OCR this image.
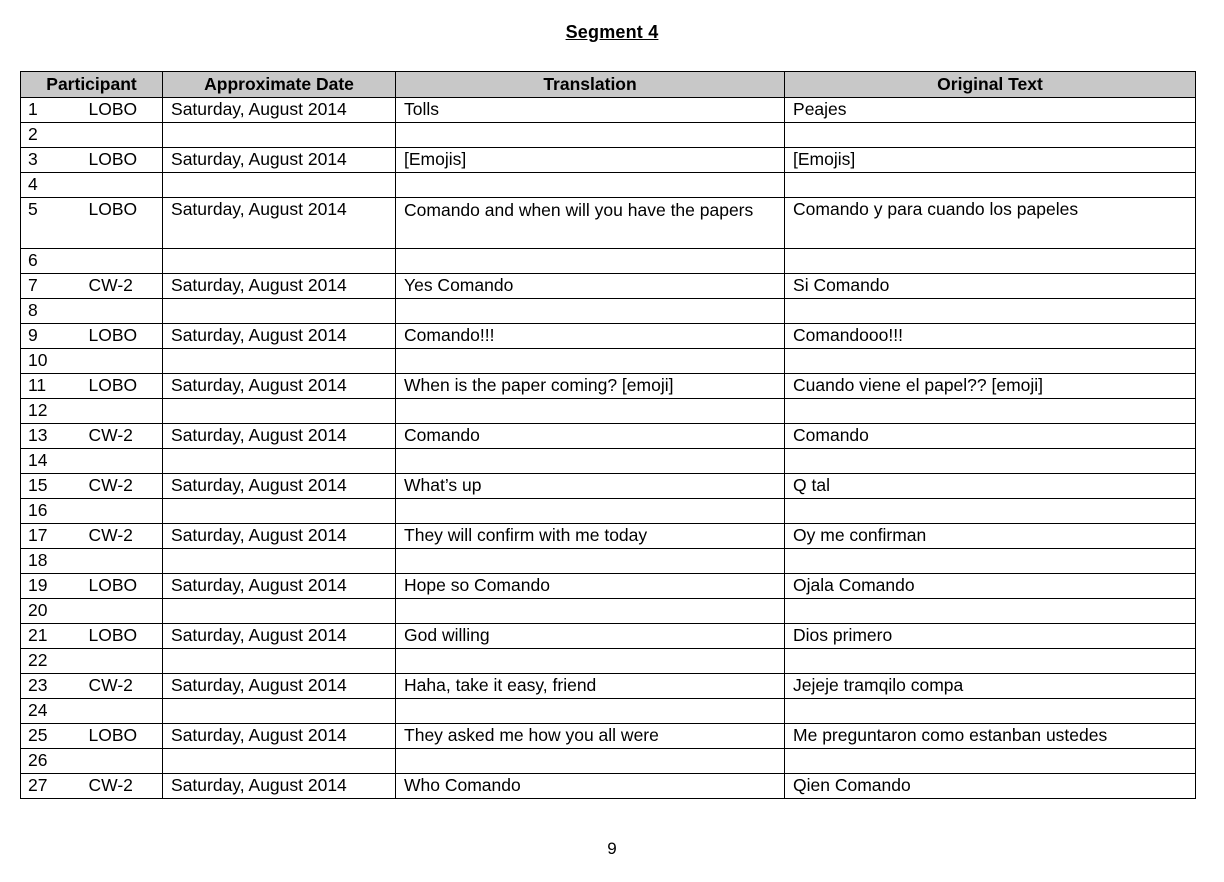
Segment 4
Participant		Approximate Date	Translation	Original Text
1	LOBO	Saturday, August 2014	Tolls	Peajes
2				
3	LOBO	Saturday, August 2014	[Emojis]	[Emojis]
4				
5	LOBO	Saturday, August 2014	Comando and when will you have the papers	Comando y para cuando los papeles
6				
7	CW-2	Saturday, August 2014	Yes Comando	Si Comando
8				
9	LOBO	Saturday, August 2014	Comando!!!	Comandooo!!!
10				
11	LOBO	Saturday, August 2014	When is the paper coming? [emoji]	Cuando viene el papel?? [emoji]
12				
13	CW-2	Saturday, August 2014	Comando	Comando
14				
15	CW-2	Saturday, August 2014	What’s up	Q tal
16				
17	CW-2	Saturday, August 2014	They will confirm with me today	Oy me confirman
18				
19	LOBO	Saturday, August 2014	Hope so Comando	Ojala Comando
20				
21	LOBO	Saturday, August 2014	God willing	Dios primero
22				
23	CW-2	Saturday, August 2014	Haha, take it easy, friend	Jejeje tramqilo compa
24				
25	LOBO	Saturday, August 2014	They asked me how you all were	Me preguntaron como estanban ustedes
26				
27	CW-2	Saturday, August 2014	Who Comando	Qien Comando
9
